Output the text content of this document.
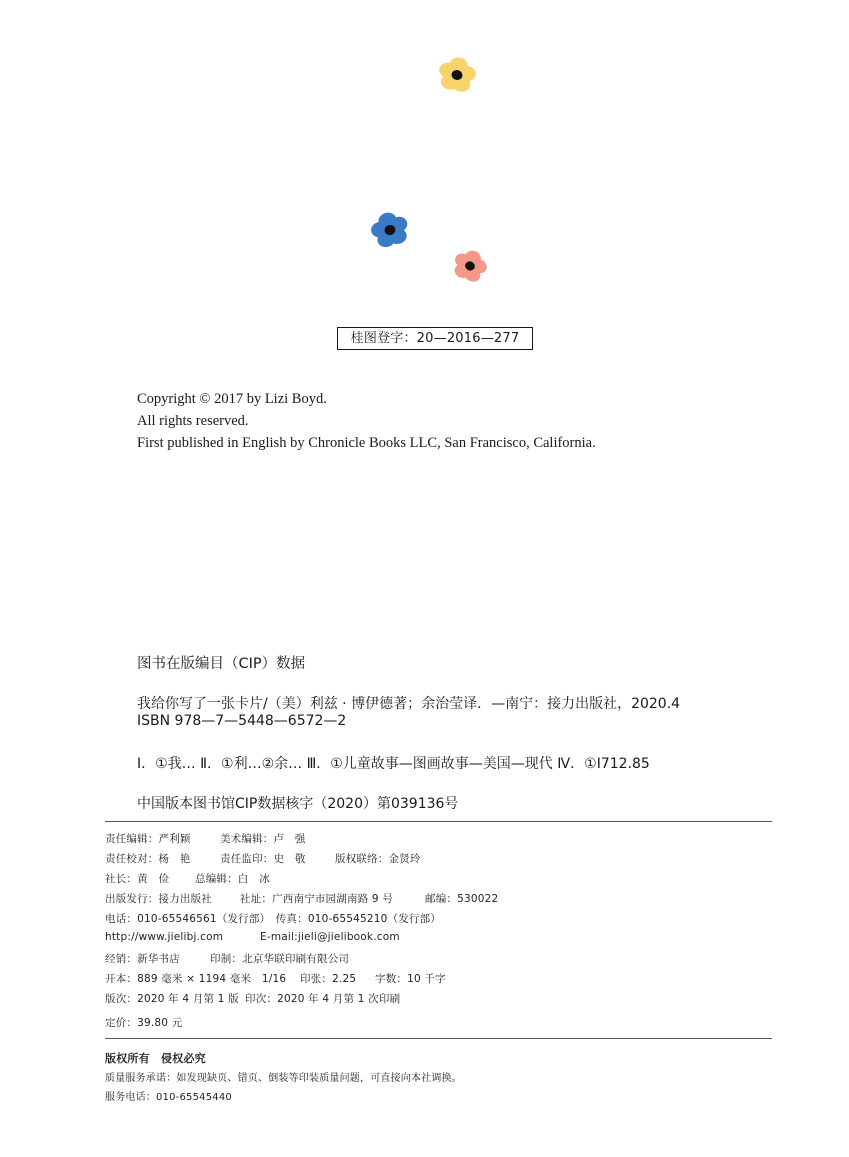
桂图登字：20—2016—277
Copyright © 2017 by Lizi Boyd.
All rights reserved.
First published in English by Chronicle Books LLC, San Francisco, California.
图书在版编目（CIP）数据
我给你写了一张卡片/（美）利兹 · 博伊德著；余治莹译．—南宁：接力出版社，2020.4
ISBN 978—7—5448—6572—2
Ⅰ．①我… Ⅱ．①利…②余… Ⅲ．①儿童故事—图画故事—美国—现代 Ⅳ．①I712.85
中国版本图书馆CIP数据核字（2020）第039136号
责任编辑：严利颖	美术编辑：卢　强
责任校对：杨　艳	责任监印：史　敬	版权联络：金贤玲
社长：黄　俭 总编辑：白　冰
出版发行：接力出版社	社址：广西南宁市园湖南路 9 号	邮编：530022
电话：010-65546561（发行部）　传真：010-65545210（发行部）
http://www.jielibj.com	E-mail:jieli@jielibook.com
经销：新华书店	印制：北京华联印刷有限公司
开本：889 毫米 × 1194 毫米　1/16 印张：2.25 字数：10 千字
版次：2020 年 4 月第 1 版 印次：2020 年 4 月第 1 次印刷
定价：39.80 元
版权所有　侵权必究
质量服务承诺：如发现缺页、错页、倒装等印装质量问题，可直接向本社调换。
服务电话：010-65545440
